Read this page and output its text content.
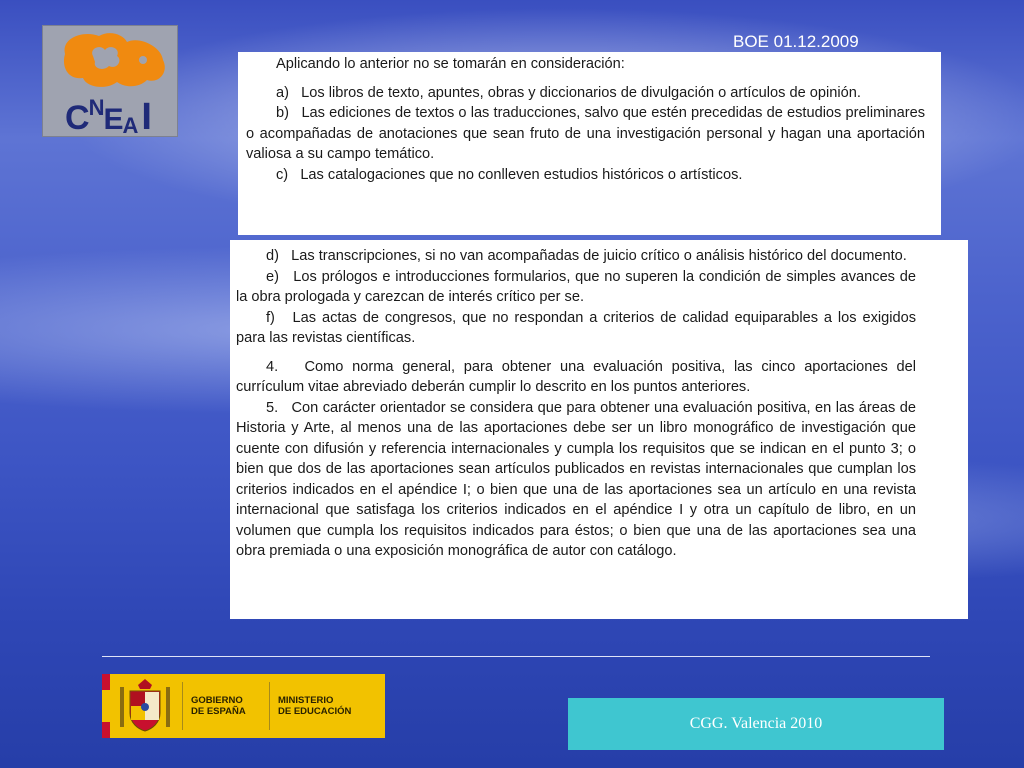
CNEA I
BOE 01.12.2009

Aplicando lo anterior no se tomarán en consideración:

a)   Los libros de texto, apuntes, obras y diccionarios de divulgación o artículos de opinión.

b)   Las ediciones de textos o las traducciones, salvo que estén precedidas de estudios preliminares o acompañadas de anotaciones que sean fruto de una investigación personal y hagan una aportación valiosa a su campo temático.

c)   Las catalogaciones que no conlleven estudios históricos o artísticos.

d)   Las transcripciones, si no van acompañadas de juicio crítico o análisis histórico del documento.

e)   Los prólogos e introducciones formularios, que no superen la condición de simples avances de la obra prologada y carezcan de interés crítico per se.

f)   Las actas de congresos, que no respondan a criterios de calidad equiparables a los exigidos para las revistas científicas.

4.   Como norma general, para obtener una evaluación positiva, las cinco aportaciones del currículum vitae abreviado deberán cumplir lo descrito en los puntos anteriores.

5.   Con carácter orientador se considera que para obtener una evaluación positiva, en las áreas de Historia y Arte, al menos una de las aportaciones debe ser un libro monográfico de investigación que cuente con difusión y referencia internacionales y cumpla los requisitos que se indican en el punto 3; o bien que dos de las aportaciones sean artículos publicados en revistas internacionales que cumplan los criterios indicados en el apéndice I; o bien que una de las aportaciones sea un artículo en una revista internacional que satisfaga los criterios indicados en el apéndice I y otra un capítulo de libro, en un volumen que cumpla los requisitos indicados para éstos; o bien que una de las aportaciones sea una obra premiada o una exposición monográfica de autor con catálogo.

GOBIERNO
DE ESPAÑA
MINISTERIO
DE EDUCACIÓN
CGG. Valencia 2010
